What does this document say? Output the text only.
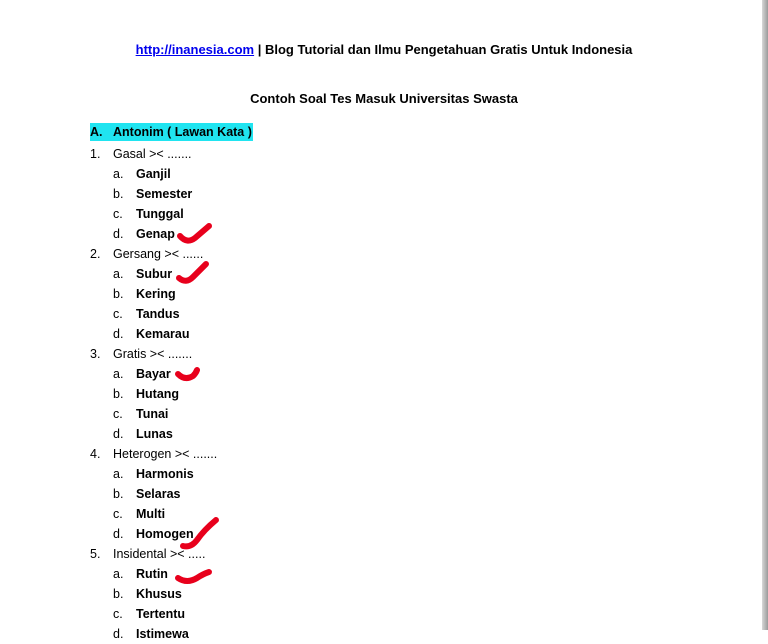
http://inanesia.com | Blog Tutorial dan Ilmu Pengetahuan Gratis Untuk Indonesia
Contoh Soal Tes Masuk Universitas Swasta
A. Antonim ( Lawan Kata )
1. Gasal >< .......
a. Ganjil
b. Semester
c. Tunggal
d. Genap
2. Gersang >< ......
a. Subur
b. Kering
c. Tandus
d. Kemarau
3. Gratis >< .......
a. Bayar
b. Hutang
c. Tunai
d. Lunas
4. Heterogen >< .......
a. Harmonis
b. Selaras
c. Multi
d. Homogen
5. Insidental >< .....
a. Rutin
b. Khusus
c. Tertentu
d. Istimewa
